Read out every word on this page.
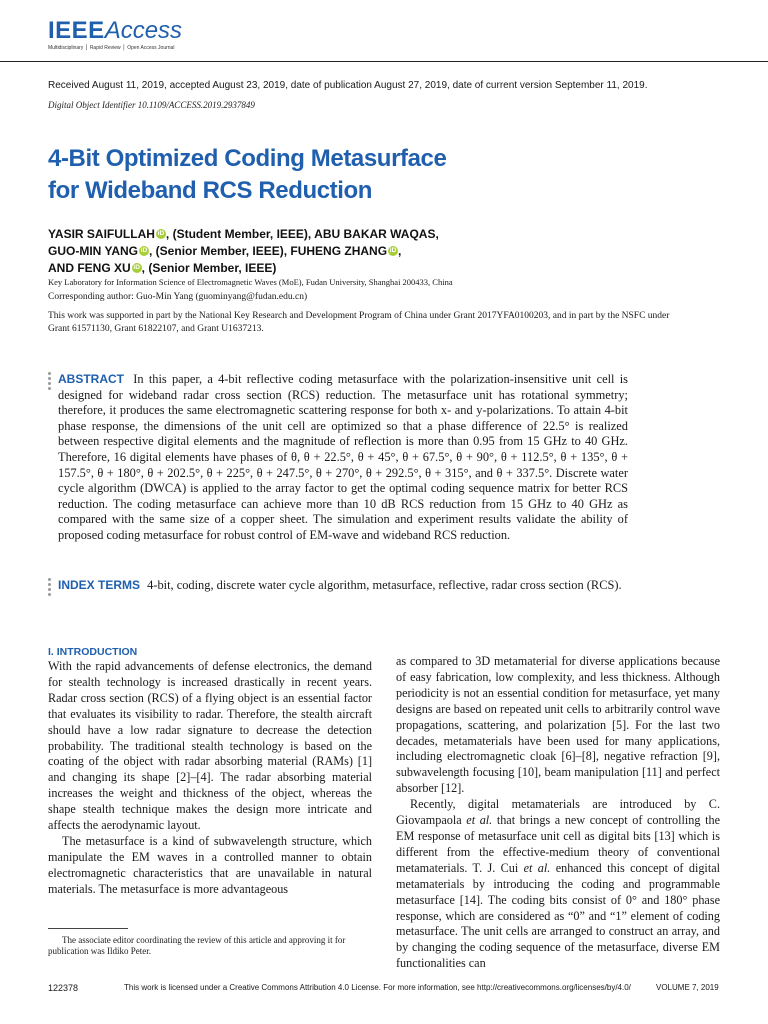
IEEEAccess
Multidisciplinary ⎪ Rapid Review ⎪ Open Access Journal
Received August 11, 2019, accepted August 23, 2019, date of publication August 27, 2019, date of current version September 11, 2019.
Digital Object Identifier 10.1109/ACCESS.2019.2937849
4-Bit Optimized Coding Metasurface
for Wideband RCS Reduction
YASIR SAIFULLAH iD , (Student Member, IEEE), ABU BAKAR WAQAS,
GUO-MIN YANG iD , (Senior Member, IEEE), FUHENG ZHANG iD ,
AND FENG XU iD , (Senior Member, IEEE)
Key Laboratory for Information Science of Electromagnetic Waves (MoE), Fudan University, Shanghai 200433, China
Corresponding author: Guo-Min Yang (guominyang@fudan.edu.cn)
This work was supported in part by the National Key Research and Development Program of China under Grant 2017YFA0100203, and in part by the NSFC under Grant 61571130, Grant 61822107, and Grant U1637213.
ABSTRACT In this paper, a 4-bit reflective coding metasurface with the polarization-insensitive unit cell is designed for wideband radar cross section (RCS) reduction. The metasurface unit has rotational symmetry; therefore, it produces the same electromagnetic scattering response for both x- and y-polarizations. To attain 4-bit phase response, the dimensions of the unit cell are optimized so that a phase difference of 22.5° is realized between respective digital elements and the magnitude of reflection is more than 0.95 from 15 GHz to 40 GHz. Therefore, 16 digital elements have phases of θ, θ + 22.5°, θ + 45°, θ + 67.5°, θ + 90°, θ + 112.5°, θ + 135°, θ + 157.5°, θ + 180°, θ + 202.5°, θ + 225°, θ + 247.5°, θ + 270°, θ + 292.5°, θ + 315°, and θ + 337.5°. Discrete water cycle algorithm (DWCA) is applied to the array factor to get the optimal coding sequence matrix for better RCS reduction. The coding metasurface can achieve more than 10 dB RCS reduction from 15 GHz to 40 GHz as compared with the same size of a copper sheet. The simulation and experiment results validate the ability of proposed coding metasurface for robust control of EM-wave and wideband RCS reduction.
INDEX TERMS 4-bit, coding, discrete water cycle algorithm, metasurface, reflective, radar cross section (RCS).
I. INTRODUCTION

With the rapid advancements of defense electronics, the demand for stealth technology is increased drastically in recent years. Radar cross section (RCS) of a flying object is an essential factor that evaluates its visibility to radar. Therefore, the stealth aircraft should have a low radar signature to decrease the detection probability. The traditional stealth technology is based on the coating of the object with radar absorbing material (RAMs) [1] and changing its shape [2]–[4]. The radar absorbing material increases the weight and thickness of the object, whereas the shape stealth technique makes the design more intricate and affects the aerodynamic layout.

The metasurface is a kind of subwavelength structure, which manipulate the EM waves in a controlled manner to obtain electromagnetic characteristics that are unavailable in natural materials. The metasurface is more advantageous

The associate editor coordinating the review of this article and approving it for publication was Ildiko Peter.

as compared to 3D metamaterial for diverse applications because of easy fabrication, low complexity, and less thickness. Although periodicity is not an essential condition for metasurface, yet many designs are based on repeated unit cells to arbitrarily control wave propagations, scattering, and polarization [5]. For the last two decades, metamaterials have been used for many applications, including electromagnetic cloak [6]–[8], negative refraction [9], subwavelength focusing [10], beam manipulation [11] and perfect absorber [12].

Recently, digital metamaterials are introduced by C. Giovampaola et al. that brings a new concept of controlling the EM response of metasurface unit cell as digital bits [13] which is different from the effective-medium theory of conventional metamaterials. T. J. Cui et al. enhanced this concept of digital metamaterials by introducing the coding and programmable metasurface [14]. The coding bits consist of 0° and 180° phase response, which are considered as “0” and “1” element of coding metasurface. The unit cells are arranged to construct an array, and by changing the coding sequence of the metasurface, diverse EM functionalities can

122378	This work is licensed under a Creative Commons Attribution 4.0 License. For more information, see http://creativecommons.org/licenses/by/4.0/	VOLUME 7, 2019
